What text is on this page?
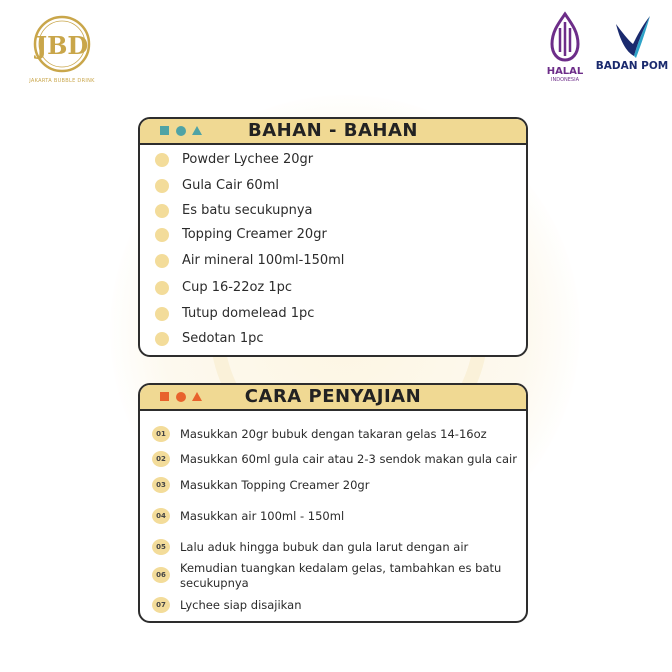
JBD
JAKARTA BUBBLE DRINK
HALAL
INDONESIA
BADAN POM
BAHAN - BAHAN
Powder Lychee 20gr
Gula Cair 60ml
Es batu secukupnya
Topping Creamer 20gr
Air mineral 100ml-150ml
Cup 16-22oz 1pc
Tutup domelead 1pc
Sedotan 1pc
CARA PENYAJIAN
01	Masukkan 20gr bubuk dengan takaran gelas 14-16oz
02	Masukkan 60ml gula cair atau 2-3 sendok makan gula cair
03	Masukkan Topping Creamer 20gr
04	Masukkan air 100ml - 150ml
05	Lalu aduk hingga bubuk dan gula larut dengan air
06	Kemudian tuangkan kedalam gelas, tambahkan es batu secukupnya
07	Lychee siap disajikan
